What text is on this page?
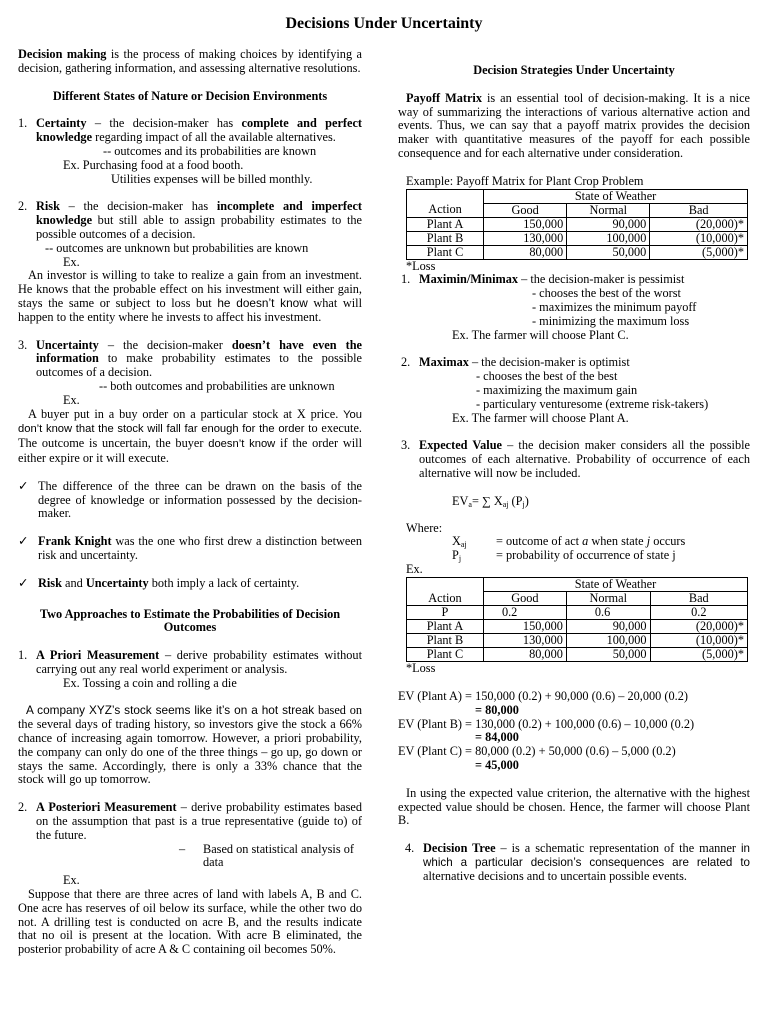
Decisions Under Uncertainty

Decision making is the process of making choices by identifying a decision, gathering information, and assessing alternative resolutions.

Different States of Nature or Decision Environments

1. Certainty – the decision-maker has complete and perfect knowledge regarding impact of all the available alternatives.

-- outcomes and its probabilities are known

Ex. Purchasing food at a food booth.

Utilities expenses will be billed monthly.

2. Risk – the decision-maker has incomplete and imperfect knowledge but still able to assign probability estimates to the possible outcomes of a decision.

-- outcomes are unknown but probabilities are known

Ex.

An investor is willing to take to realize a gain from an investment. He knows that the probable effect on his investment will either gain, stays the same or subject to loss but he doesn’t know what will happen to the entity where he invests to affect his investment.

3. Uncertainty – the decision-maker doesn’t have even the information to make probability estimates to the possible outcomes of a decision.

-- both outcomes and probabilities are unknown

Ex.

A buyer put in a buy order on a particular stock at X price. You don’t know that the stock will fall far enough for the order to execute. The outcome is uncertain, the buyer doesn’t know if the order will either expire or it will execute.

✓ The difference of the three can be drawn on the basis of the degree of knowledge or information possessed by the decision-maker.
✓ Frank Knight was the one who first drew a distinction between risk and uncertainty.
✓ Risk and Uncertainty both imply a lack of certainty.

Two Approaches to Estimate the Probabilities of Decision Outcomes

1. A Priori Measurement – derive probability estimates without carrying out any real world experiment or analysis.

Ex. Tossing a coin and rolling a die

A company XYZ’s stock seems like it’s on a hot streak based on the several days of trading history, so investors give the stock a 66% chance of increasing again tomorrow. However, a priori probability, the company can only do one of the three things – go up, go down or stays the same. Accordingly, there is only a 33% chance that the stock will go up tomorrow.

2. A Posteriori Measurement – derive probability estimates based on the assumption that past is a true representative (guide to) of the future.
– Based on statistical analysis of data

Ex.

Suppose that there are three acres of land with labels A, B and C. One acre has reserves of oil below its surface, while the other two do not. A drilling test is conducted on acre B, and the results indicate that no oil is present at the location. With acre B eliminated, the posterior probability of acre A & C containing oil becomes 50%.

Decision Strategies Under Uncertainty

Payoff Matrix is an essential tool of decision-making. It is a nice way of summarizing the interactions of various alternative action and events. Thus, we can say that a payoff matrix provides the decision maker with quantitative measures of the payoff for each possible consequence and for each alternative under consideration.

Example: Payoff Matrix for Plant Crop Problem

	State of Weather		
Action	Good	Normal	Bad
Plant A	150,000	90,000	(20,000)*
Plant B	130,000	100,000	(10,000)*
Plant C	80,000	50,000	(5,000)*

*Loss

1. Maximin/Minimax – the decision-maker is pessimist

- chooses the best of the worst

- maximizes the minimum payoff

- minimizing the maximum loss

Ex. The farmer will choose Plant C.

2. Maximax – the decision-maker is optimist

- chooses the best of the best

- maximizing the maximum gain

- particulary venturesome (extreme risk-takers)

Ex. The farmer will choose Plant A.

3. Expected Value – the decision maker considers all the possible outcomes of each alternative. Probability of occurrence of each alternative will now be included.

$EV_a=$ ∑ $X_{aj}$ $(P_j)$

Where:

$X_{aj}$ = outcome of act a when state j occurs
$P_j$	= probability of occurrence of state j

Ex.

	State of Weather		
Action	Good	Normal	Bad
P	0.2	0.6	0.2
Plant A	150,000	90,000	(20,000)*
Plant B	130,000	100,000	(10,000)*
Plant C	80,000	50,000	(5,000)*

*Loss

EV (Plant A) = 150,000 (0.2) + 90,000 (0.6) – 20,000 (0.2)

= 80,000

EV (Plant B) = 130,000 (0.2) + 100,000 (0.6) – 10,000 (0.2)

= 84,000

EV (Plant C) = 80,000 (0.2) + 50,000 (0.6) – 5,000 (0.2)

= 45,000

In using the expected value criterion, the alternative with the highest expected value should be chosen. Hence, the farmer will choose Plant B.

4. Decision Tree – is a schematic representation of the manner in which a particular decision’s consequences are related to alternative decisions and to uncertain possible events.
